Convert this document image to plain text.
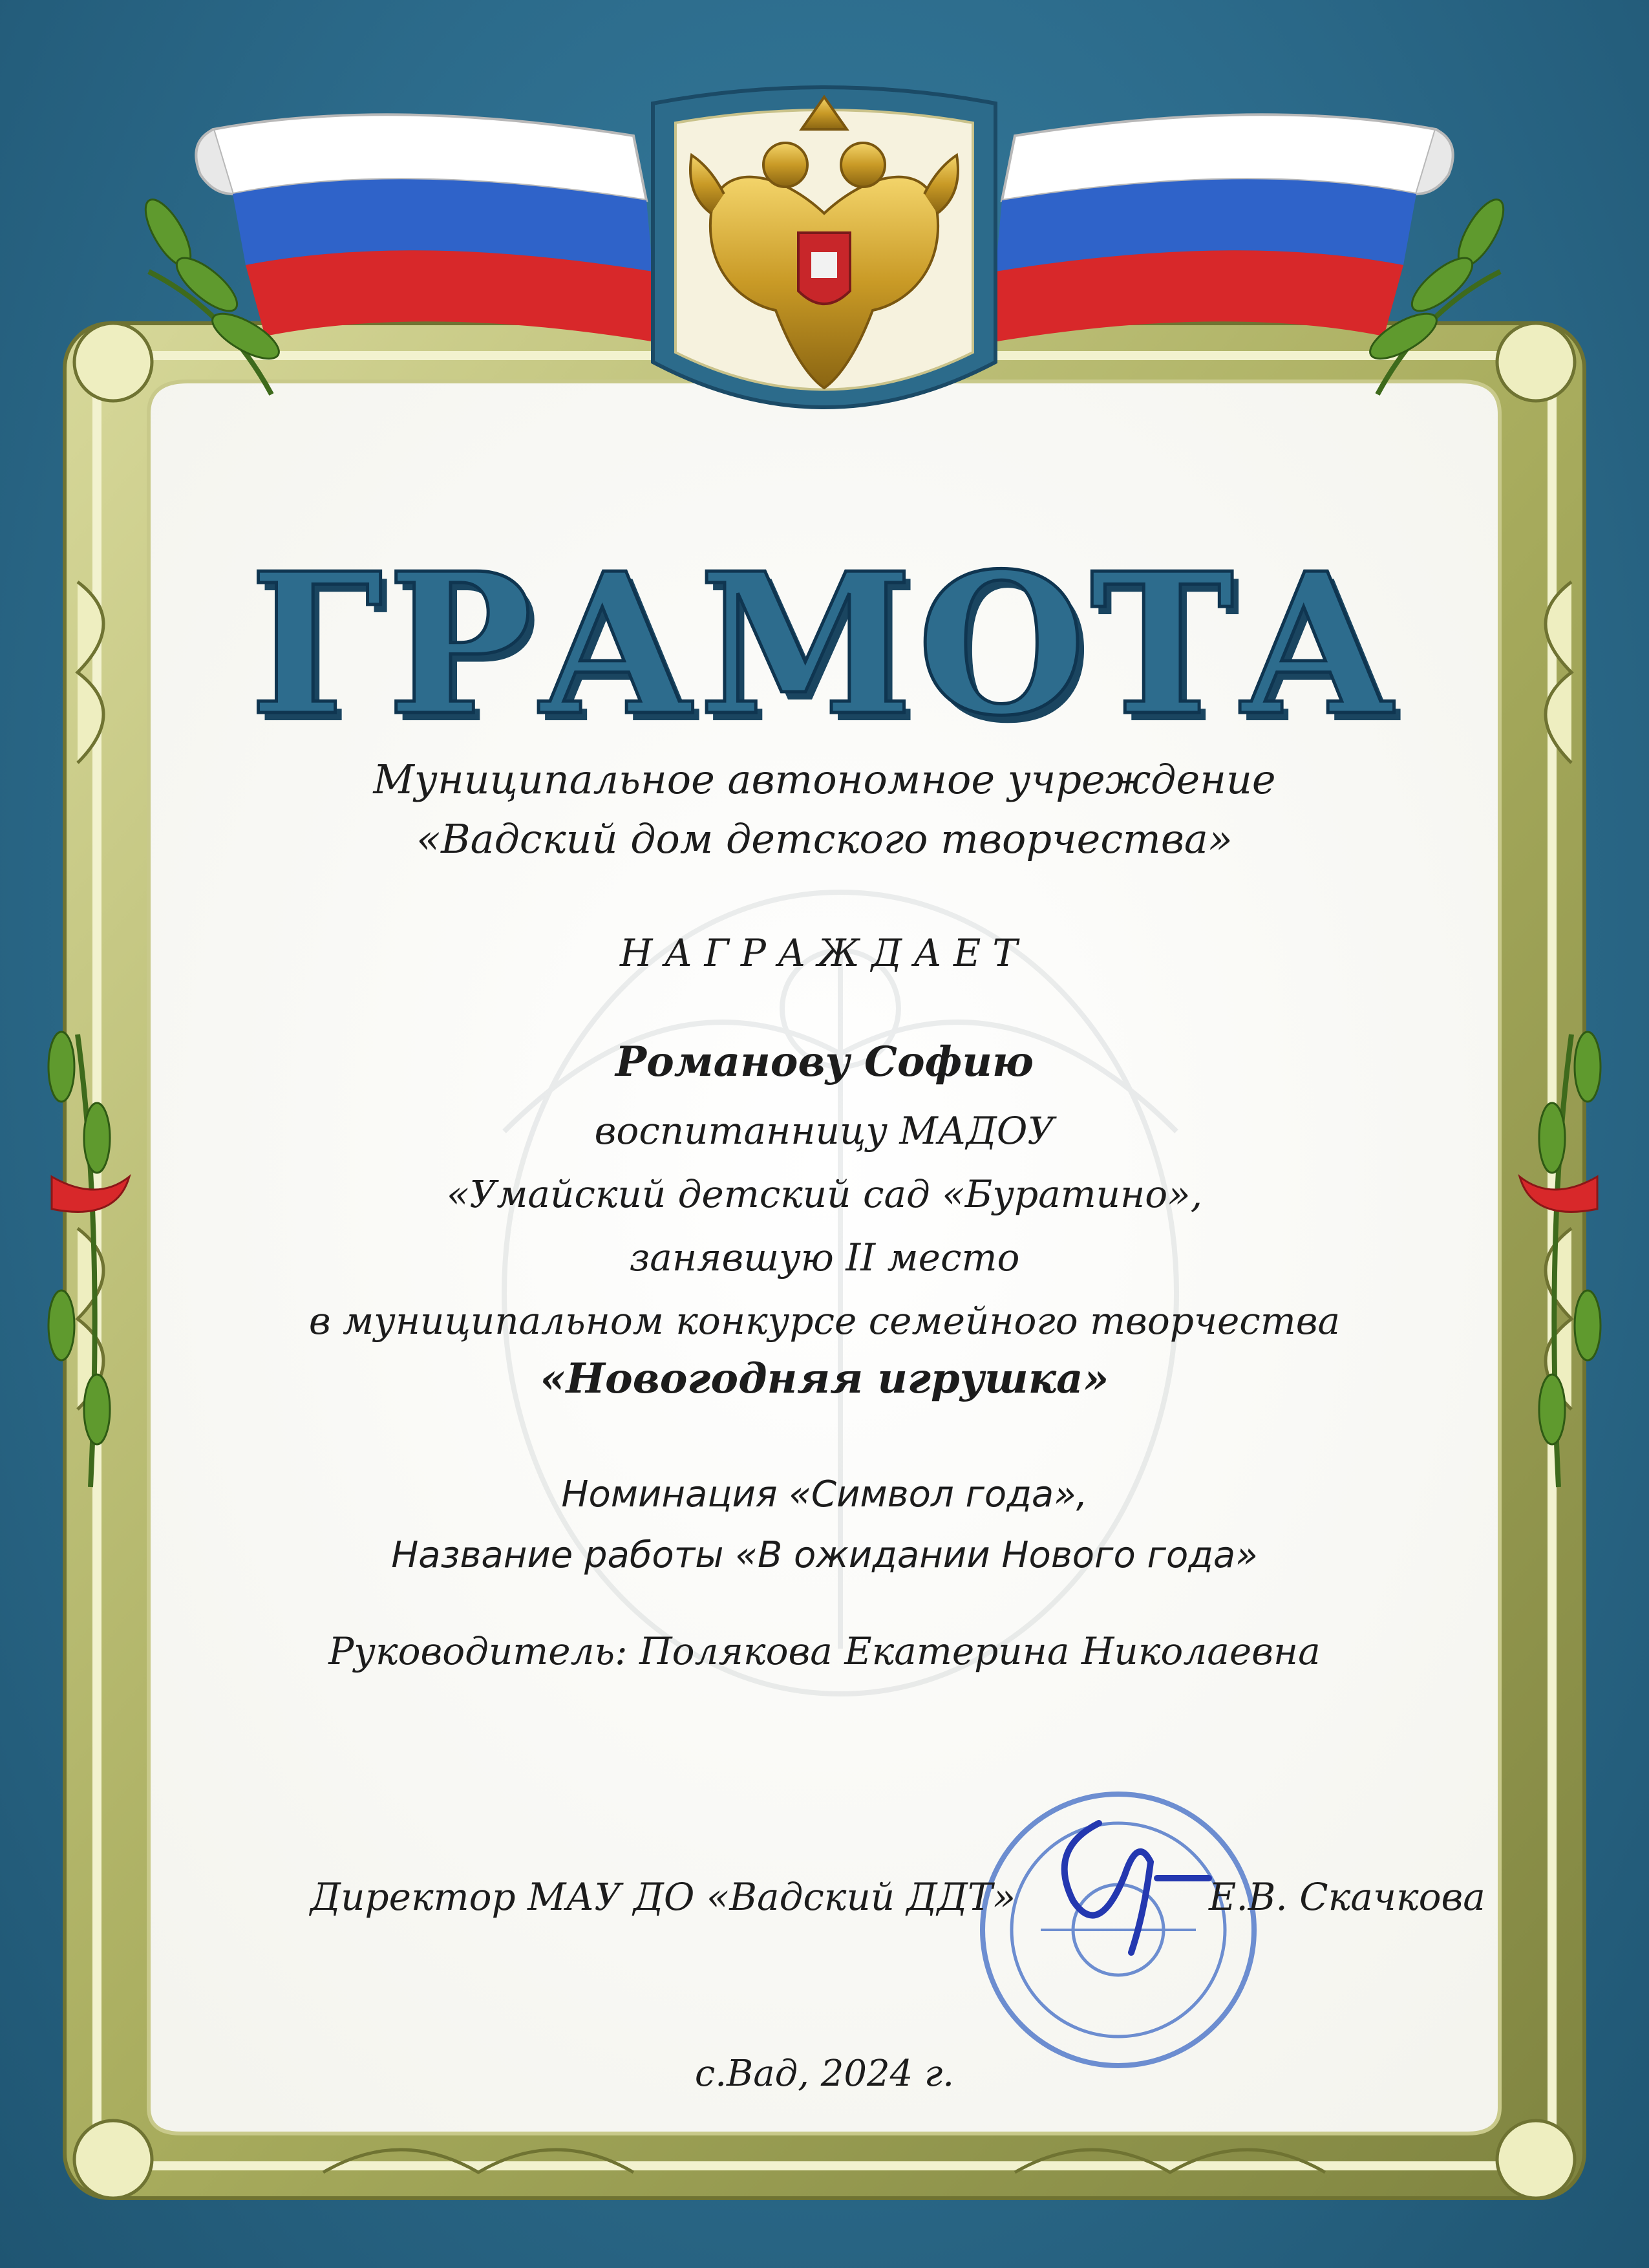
ГРАМОТА
Муниципальное автономное учреждение
«Вадский дом детского творчества»
НАГРАЖДАЕТ
Романову Софию
воспитанницу МАДОУ
«Умайский детский сад «Буратино»,
занявшую II место
в муниципальном конкурсе семейного творчества
«Новогодняя игрушка»
Номинация «Символ года»,
Название работы «В ожидании Нового года»
Руководитель: Полякова Екатерина Николаевна
Директор МАУ ДО «Вадский ДДТ»	Е.В. Скачкова
с.Вад, 2024 г.
